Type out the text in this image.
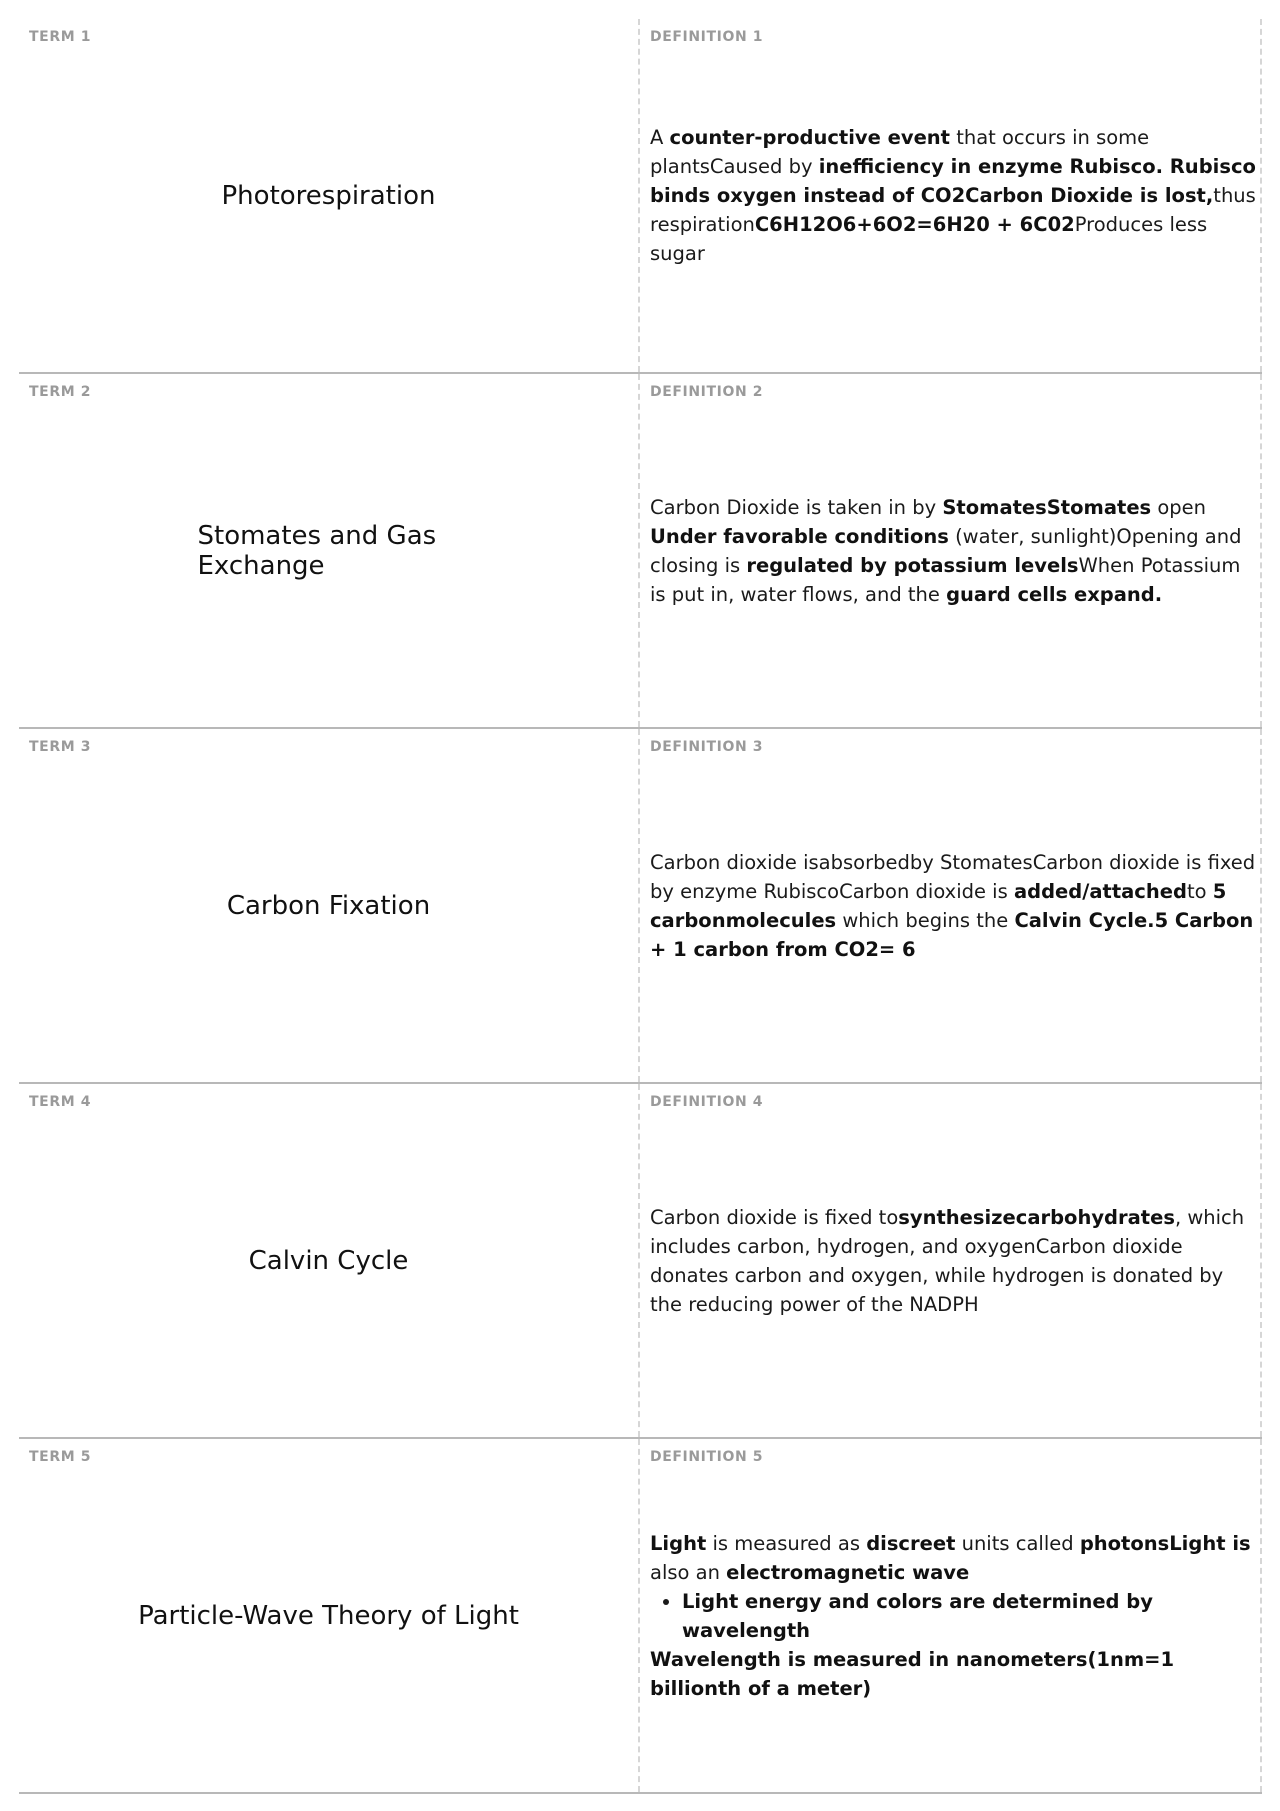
TERM 1
Photorespiration
DEFINITION 1
A counter-productive event that occurs in some plantsCaused by inefficiency in enzyme Rubisco. Rubisco binds oxygen instead of CO2Carbon Dioxide is lost,thus respirationC6H12O6+6O2=6H20 + 6C02Produces less sugar
TERM 2
Stomates and Gas Exchange
DEFINITION 2
Carbon Dioxide is taken in by StomatesStomates open Under favorable conditions (water, sunlight)Opening and closing is regulated by potassium levelsWhen Potassium is put in, water flows, and the guard cells expand.
TERM 3
Carbon Fixation
DEFINITION 3
Carbon dioxide isabsorbedby StomatesCarbon dioxide is fixed by enzyme RubiscoCarbon dioxide is added/attachedto 5 carbonmolecules which begins the Calvin Cycle.5 Carbon + 1 carbon from CO2= 6
TERM 4
Calvin Cycle
DEFINITION 4
Carbon dioxide is fixed tosynthesizecarbohydrates, which includes carbon, hydrogen, and oxygenCarbon dioxide donates carbon and oxygen, while hydrogen is donated by the reducing power of the NADPH
TERM 5
Particle-Wave Theory of Light
DEFINITION 5
Light is measured as discreet units called photonsLight is also an electromagnetic wave
• Light energy and colors are determined by wavelength
Wavelength is measured in nanometers(1nm=1 billionth of a meter)
